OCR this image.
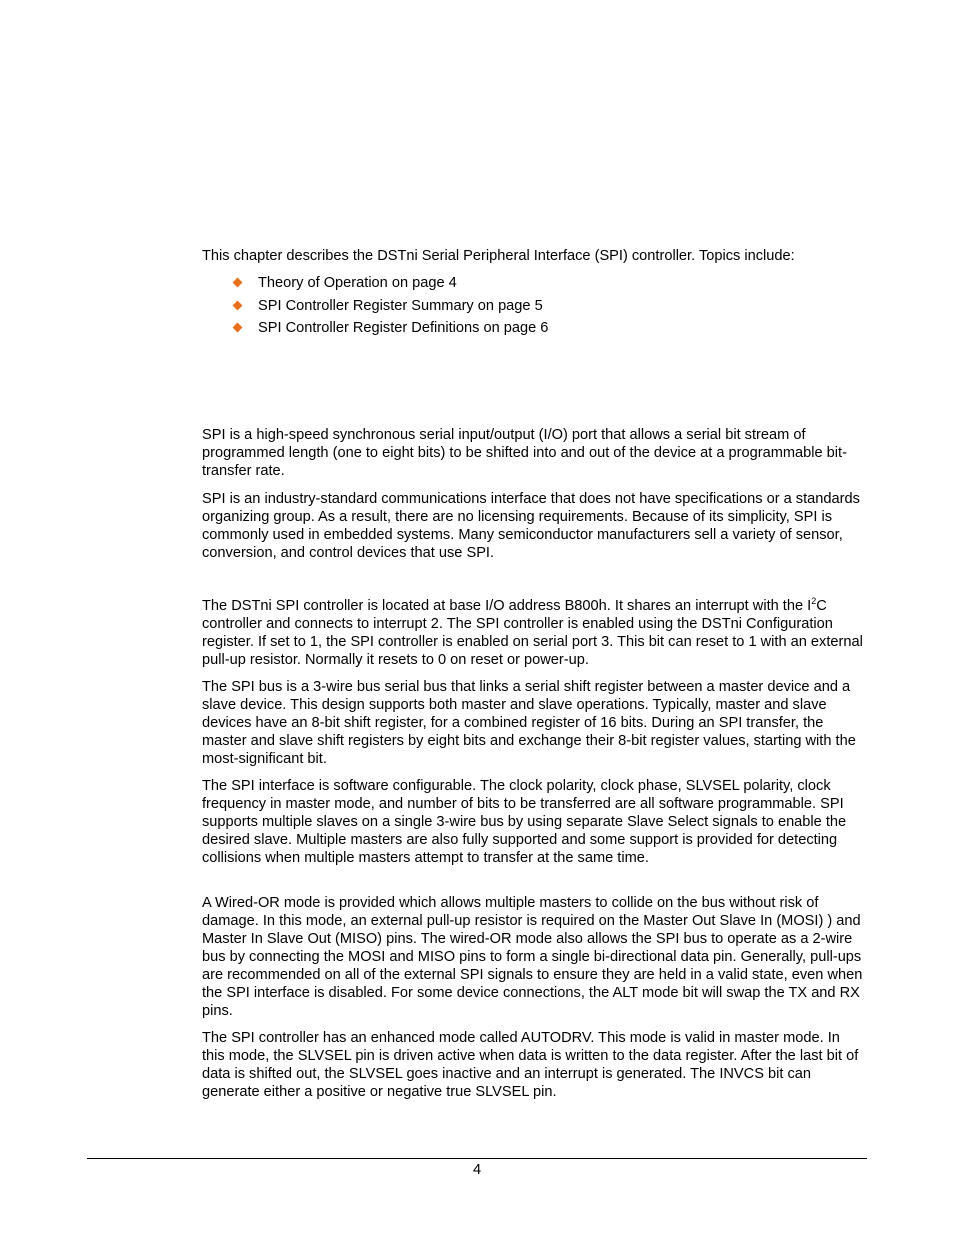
This chapter describes the DSTni Serial Peripheral Interface (SPI) controller. Topics include:

Theory of Operation on page 4
SPI Controller Register Summary on page 5
SPI Controller Register Definitions on page 6

SPI is a high-speed synchronous serial input/output (I/O) port that allows a serial bit stream of programmed length (one to eight bits) to be shifted into and out of the device at a programmable bit-transfer rate.

SPI is an industry-standard communications interface that does not have specifications or a standards organizing group. As a result, there are no licensing requirements. Because of its simplicity, SPI is commonly used in embedded systems. Many semiconductor manufacturers sell a variety of sensor, conversion, and control devices that use SPI.

The DSTni SPI controller is located at base I/O address B800h. It shares an interrupt with the $I^2C$ controller and connects to interrupt 2. The SPI controller is enabled using the DSTni Configuration register. If set to 1, the SPI controller is enabled on serial port 3. This bit can reset to 1 with an external pull-up resistor. Normally it resets to 0 on reset or power-up.

The SPI bus is a 3-wire bus serial bus that links a serial shift register between a master device and a slave device. This design supports both master and slave operations. Typically, master and slave devices have an 8-bit shift register, for a combined register of 16 bits. During an SPI transfer, the master and slave shift registers by eight bits and exchange their 8-bit register values, starting with the most-significant bit.

The SPI interface is software configurable. The clock polarity, clock phase, SLVSEL polarity, clock frequency in master mode, and number of bits to be transferred are all software programmable. SPI supports multiple slaves on a single 3-wire bus by using separate Slave Select signals to enable the desired slave. Multiple masters are also fully supported and some support is provided for detecting collisions when multiple masters attempt to transfer at the same time.

A Wired-OR mode is provided which allows multiple masters to collide on the bus without risk of damage. In this mode, an external pull-up resistor is required on the Master Out Slave In (MOSI) ) and Master In Slave Out (MISO) pins. The wired-OR mode also allows the SPI bus to operate as a 2-wire bus by connecting the MOSI and MISO pins to form a single bi-directional data pin. Generally, pull-ups are recommended on all of the external SPI signals to ensure they are held in a valid state, even when the SPI interface is disabled. For some device connections, the ALT mode bit will swap the TX and RX pins.

The SPI controller has an enhanced mode called AUTODRV. This mode is valid in master mode. In this mode, the SLVSEL pin is driven active when data is written to the data register. After the last bit of data is shifted out, the SLVSEL goes inactive and an interrupt is generated. The INVCS bit can generate either a positive or negative true SLVSEL pin.

4
